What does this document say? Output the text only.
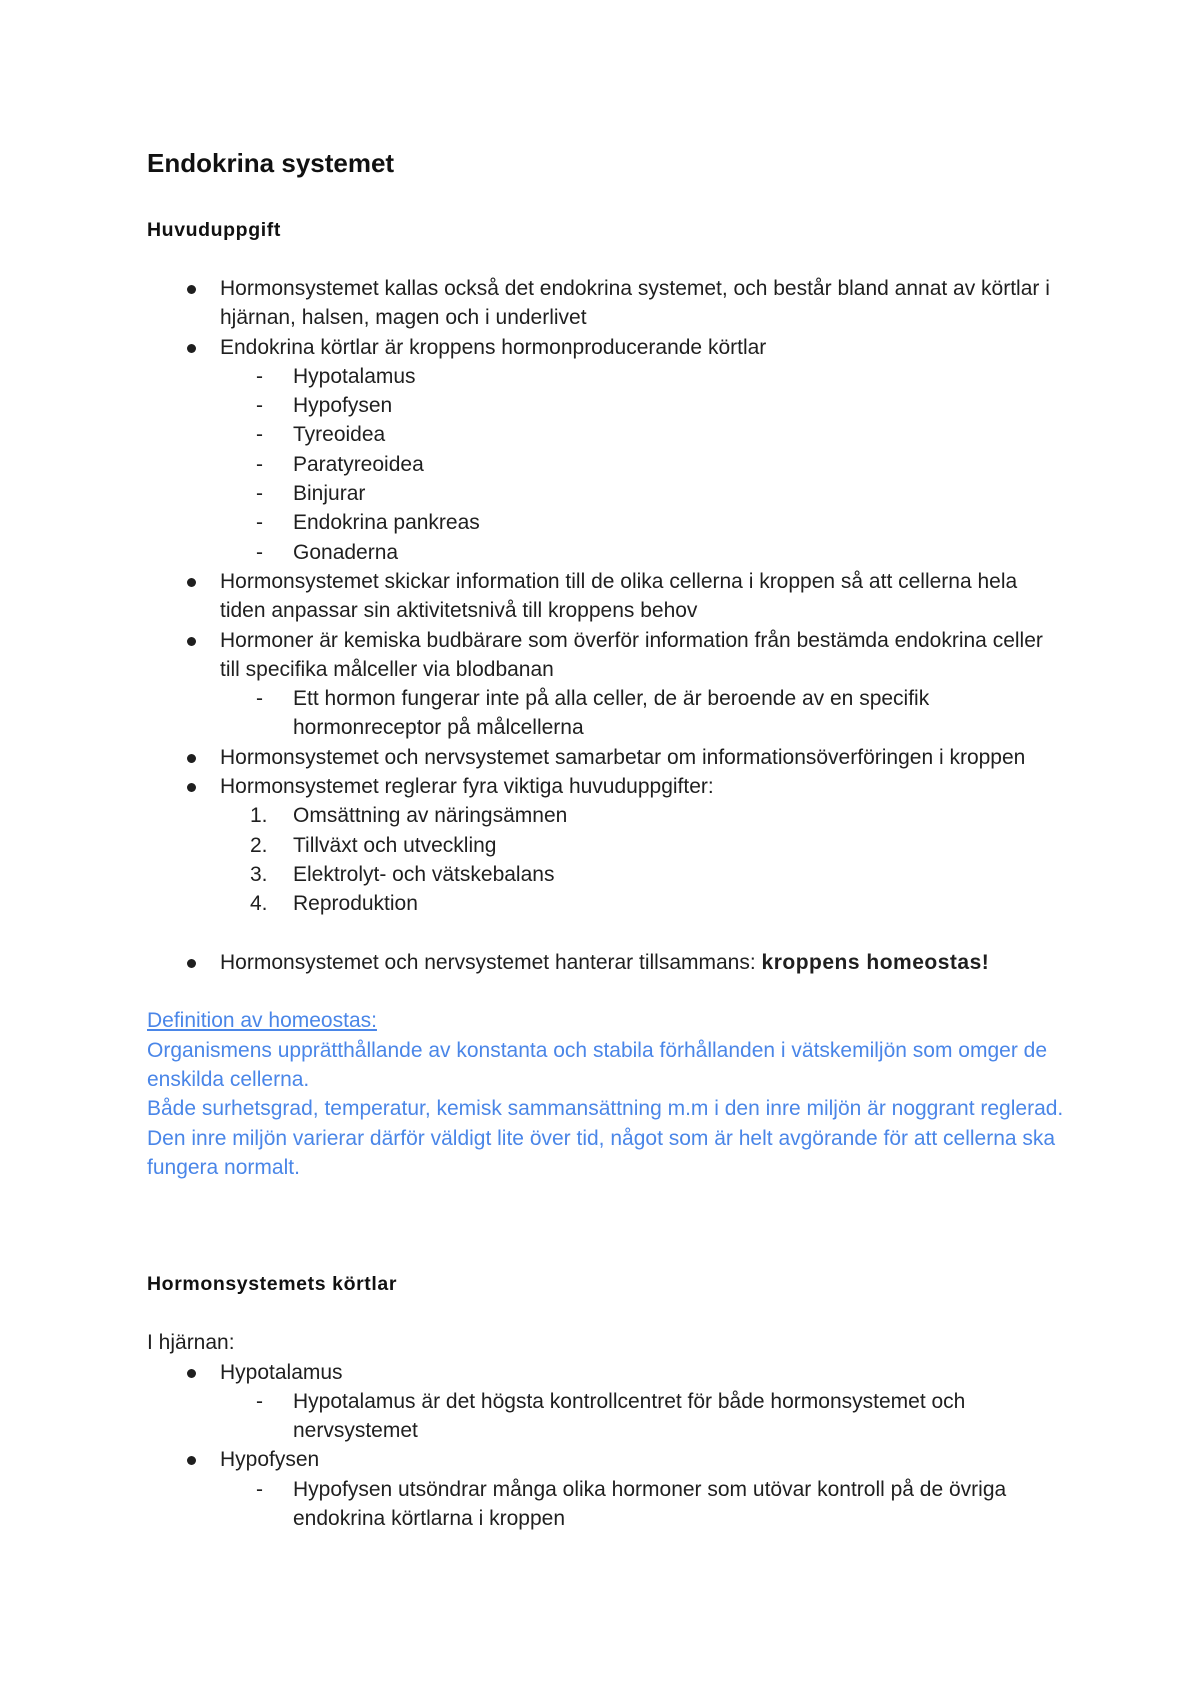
Endokrina systemet
Huvuduppgift
Hormonsystemet kallas också det endokrina systemet, och består bland annat av körtlar i hjärnan, halsen, magen och i underlivet
Endokrina körtlar är kroppens hormonproducerande körtlar
- Hypotalamus
- Hypofysen
- Tyreoidea
- Paratyreoidea
- Binjurar
- Endokrina pankreas
- Gonaderna
Hormonsystemet skickar information till de olika cellerna i kroppen så att cellerna hela tiden anpassar sin aktivitetsnivå till kroppens behov
Hormoner är kemiska budbärare som överför information från bestämda endokrina celler till specifika målceller via blodbanan
- Ett hormon fungerar inte på alla celler, de är beroende av en specifik hormonreceptor på målcellerna
Hormonsystemet och nervsystemet samarbetar om informationsöverföringen i kroppen
Hormonsystemet reglerar fyra viktiga huvuduppgifter:
1.	Omsättning av näringsämnen
2.	Tillväxt och utveckling
3.	Elektrolyt- och vätskebalans
4.	Reproduktion
Hormonsystemet och nervsystemet hanterar tillsammans: kroppens homeostas!

Definition av homeostas:

Organismens upprätthållande av konstanta och stabila förhållanden i vätskemiljön som omger de enskilda cellerna.

Både surhetsgrad, temperatur, kemisk sammansättning m.m i den inre miljön är noggrant reglerad. Den inre miljön varierar därför väldigt lite över tid, något som är helt avgörande för att cellerna ska fungera normalt.

Hormonsystemets körtlar

I hjärnan:

Hypotalamus
- Hypotalamus är det högsta kontrollcentret för både hormonsystemet och nervsystemet
Hypofysen
- Hypofysen utsöndrar många olika hormoner som utövar kontroll på de övriga endokrina körtlarna i kroppen
